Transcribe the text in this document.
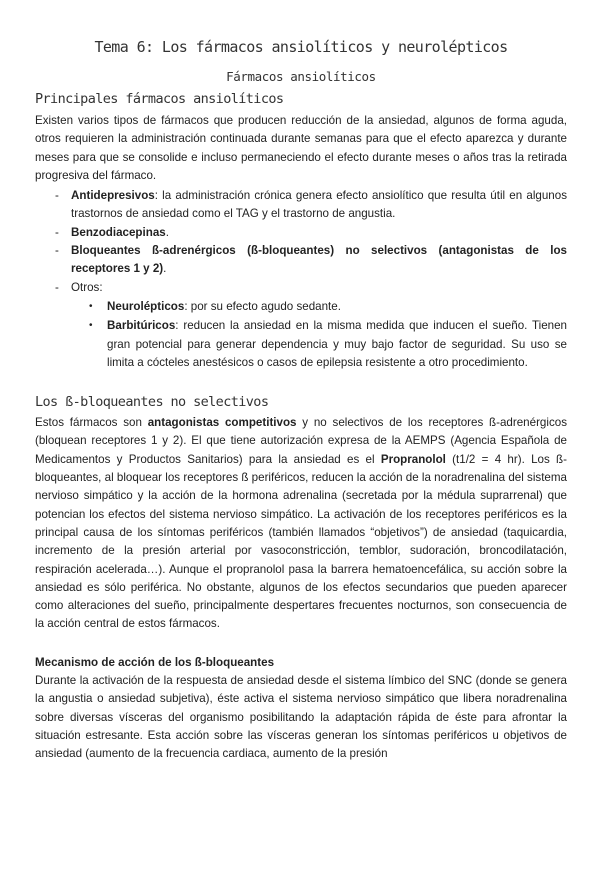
Tema 6: Los fármacos ansiolíticos y neurolépticos
Fármacos ansiolíticos
Principales fármacos ansiolíticos

Existen varios tipos de fármacos que producen reducción de la ansiedad, algunos de forma aguda, otros requieren la administración continuada durante semanas para que el efecto aparezca y durante meses para que se consolide e incluso permaneciendo el efecto durante meses o años tras la retirada progresiva del fármaco.

- Antidepresivos: la administración crónica genera efecto ansiolítico que resulta útil en algunos trastornos de ansiedad como el TAG y el trastorno de angustia.
- Benzodiacepinas.
- Bloqueantes ß-adrenérgicos (ß-bloqueantes) no selectivos (antagonistas de los receptores 1 y 2).
- Otros:
• Neurolépticos: por su efecto agudo sedante.
• Barbitúricos: reducen la ansiedad en la misma medida que inducen el sueño. Tienen gran potencial para generar dependencia y muy bajo factor de seguridad. Su uso se limita a cócteles anestésicos o casos de epilepsia resistente a otro procedimiento.
Los ß-bloqueantes no selectivos

Estos fármacos son antagonistas competitivos y no selectivos de los receptores ß-adrenérgicos (bloquean receptores 1 y 2). El que tiene autorización expresa de la AEMPS (Agencia Española de Medicamentos y Productos Sanitarios) para la ansiedad es el Propranolol (t1/2 = 4 hr). Los ß-bloqueantes, al bloquear los receptores ß periféricos, reducen la acción de la noradrenalina del sistema nervioso simpático y la acción de la hormona adrenalina (secretada por la médula suprarrenal) que potencian los efectos del sistema nervioso simpático. La activación de los receptores periféricos es la principal causa de los síntomas periféricos (también llamados “objetivos”) de ansiedad (taquicardia, incremento de la presión arterial por vasoconstricción, temblor, sudoración, broncodilatación, respiración acelerada…). Aunque el propranolol pasa la barrera hematoencefálica, su acción sobre la ansiedad es sólo periférica. No obstante, algunos de los efectos secundarios que pueden aparecer como alteraciones del sueño, principalmente despertares frecuentes nocturnos, son consecuencia de la acción central de estos fármacos.

Mecanismo de acción de los ß-bloqueantes

Durante la activación de la respuesta de ansiedad desde el sistema límbico del SNC (donde se genera la angustia o ansiedad subjetiva), éste activa el sistema nervioso simpático que libera noradrenalina sobre diversas vísceras del organismo posibilitando la adaptación rápida de éste para afrontar la situación estresante. Esta acción sobre las vísceras generan los síntomas periféricos u objetivos de ansiedad (aumento de la frecuencia cardiaca, aumento de la presión
